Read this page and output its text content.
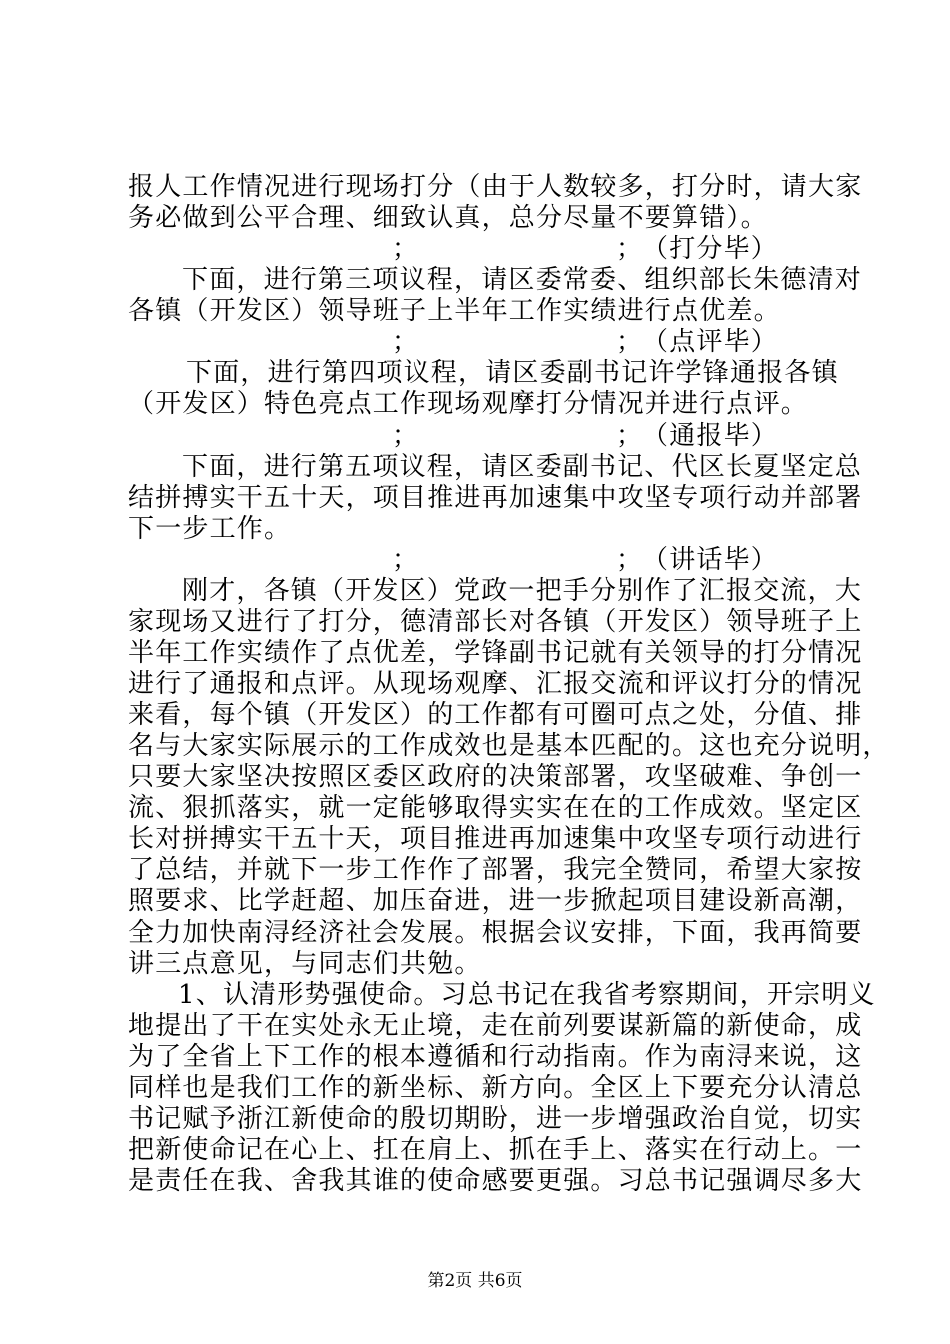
报人工作情况进行现场打分（由于人数较多，打分时，请大家
务必做到公平合理、细致认真，总分尽量不要算错）。
；	； （打分毕）
下面，进行第三项议程，请区委常委、组织部长朱德清对
各镇（开发区）领导班子上半年工作实绩进行点优差。
；	； （点评毕）
下面，进行第四项议程，请区委副书记许学锋通报各镇
（开发区）特色亮点工作现场观摩打分情况并进行点评。
；	； （通报毕）
下面，进行第五项议程，请区委副书记、代区长夏坚定总
结拼搏实干五十天，项目推进再加速集中攻坚专项行动并部署
下一步工作。
；	； （讲话毕）
刚才，各镇（开发区）党政一把手分别作了汇报交流，大
家现场又进行了打分，德清部长对各镇（开发区）领导班子上
半年工作实绩作了点优差，学锋副书记就有关领导的打分情况
进行了通报和点评。从现场观摩、汇报交流和评议打分的情况
来看，每个镇（开发区）的工作都有可圈可点之处，分值、排
名与大家实际展示的工作成效也是基本匹配的。这也充分说明，
只要大家坚决按照区委区政府的决策部署，攻坚破难、争创一
流、狠抓落实，就一定能够取得实实在在的工作成效。坚定区
长对拼搏实干五十天，项目推进再加速集中攻坚专项行动进行
了总结，并就下一步工作作了部署，我完全赞同，希望大家按
照要求、比学赶超、加压奋进，进一步掀起项目建设新高潮，
全力加快南浔经济社会发展。根据会议安排，下面，我再简要
讲三点意见，与同志们共勉。
第2页 共6页
1、认清形势强使命。习总书记在我省考察期间，开宗明义
地提出了干在实处永无止境，走在前列要谋新篇的新使命，成
为了全省上下工作的根本遵循和行动指南。作为南浔来说，这
同样也是我们工作的新坐标、新方向。全区上下要充分认清总
书记赋予浙江新使命的殷切期盼，进一步增强政治自觉，切实
把新使命记在心上、扛在肩上、抓在手上、落实在行动上。一
是责任在我、舍我其谁的使命感要更强。习总书记强调尽多大
